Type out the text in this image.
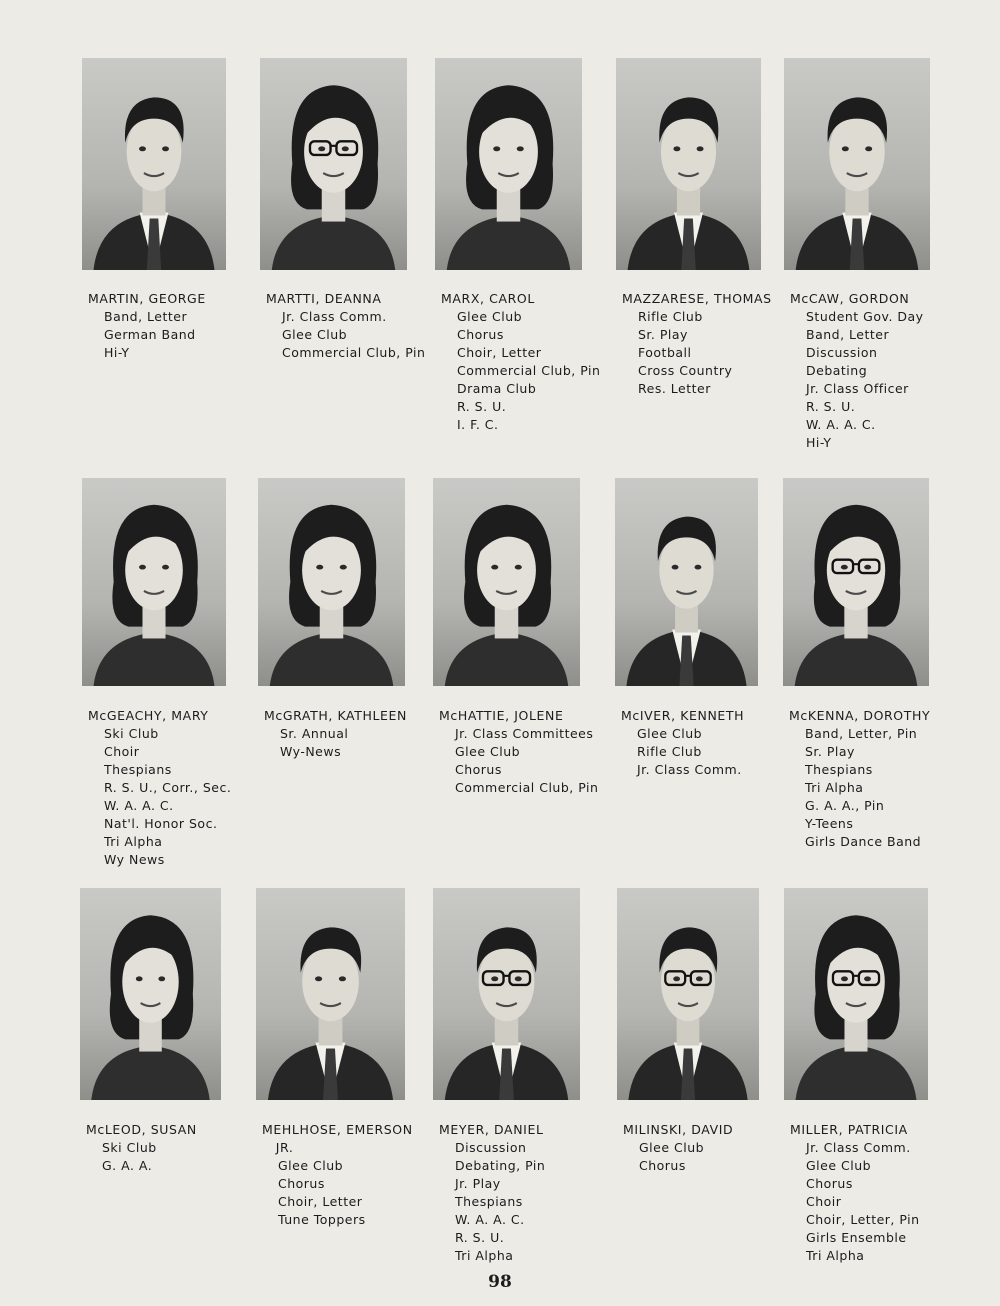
MARTIN, GEORGE
Band, Letter
German Band
Hi-Y
MARTTI, DEANNA
Jr. Class Comm.
Glee Club
Commercial Club, Pin
MARX, CAROL
Glee Club
Chorus
Choir, Letter
Commercial Club, Pin
Drama Club
R. S. U.
I. F. C.
MAZZARESE, THOMAS
Rifle Club
Sr. Play
Football
Cross Country
Res. Letter
McCAW, GORDON
Student Gov. Day
Band, Letter
Discussion
Debating
Jr. Class Officer
R. S. U.
W. A. A. C.
Hi-Y
McGEACHY, MARY
Ski Club
Choir
Thespians
R. S. U., Corr., Sec.
W. A. A. C.
Nat'l. Honor Soc.
Tri Alpha
Wy News
McGRATH, KATHLEEN
Sr. Annual
Wy-News
McHATTIE, JOLENE
Jr. Class Committees
Glee Club
Chorus
Commercial Club, Pin
McIVER, KENNETH
Glee Club
Rifle Club
Jr. Class Comm.
McKENNA, DOROTHY
Band, Letter, Pin
Sr. Play
Thespians
Tri Alpha
G. A. A., Pin
Y-Teens
Girls Dance Band
McLEOD, SUSAN
Ski Club
G. A. A.
MEHLHOSE, EMERSON
JR.
Glee Club
Chorus
Choir, Letter
Tune Toppers
MEYER, DANIEL
Discussion
Debating, Pin
Jr. Play
Thespians
W. A. A. C.
R. S. U.
Tri Alpha
MILINSKI, DAVID
Glee Club
Chorus
MILLER, PATRICIA
Jr. Class Comm.
Glee Club
Chorus
Choir
Choir, Letter, Pin
Girls Ensemble
Tri Alpha
98
